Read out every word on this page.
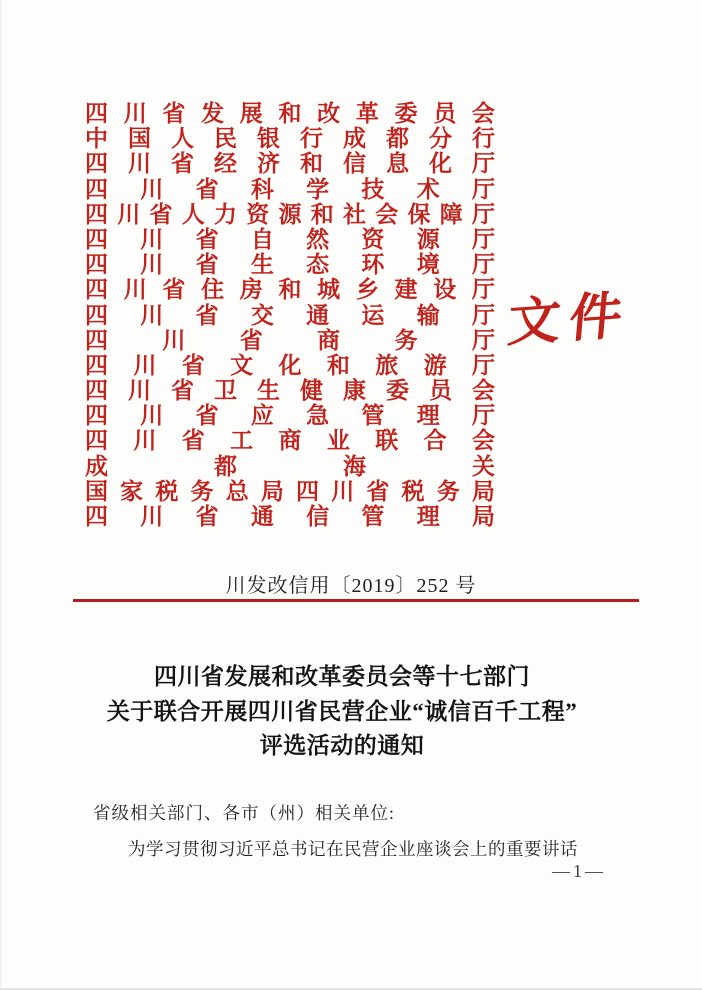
四 川 省 发 展 和 改 革 委 员 会
中 国 人 民 银 行 成 都 分 行
四 川 省 经 济 和 信 息 化 厅
四 川 省 科 学 技 术 厅
四 川 省 人 力 资 源 和 社 会 保 障 厅
四 川 省 自 然 资 源 厅
四 川 省 生 态 环 境 厅
四 川 省 住 房 和 城 乡 建 设 厅
四 川 省 交 通 运 输 厅
四 川 省 商 务 厅
四 川 省 文 化 和 旅 游 厅
四 川 省 卫 生 健 康 委 员 会
四 川 省 应 急 管 理 厅
四 川 省 工 商 业 联 合 会
成	都	海	关
国 家 税 务 总 局 四 川 省 税 务 局
四 川 省 通 信 管 理 局
文件
川发改信用〔2019〕252 号
四川省发展和改革委员会等十七部门
关于联合开展四川省民营企业“诚信百千工程”
评选活动的通知
省级相关部门、各市（州）相关单位:
为学习贯彻习近平总书记在民营企业座谈会上的重要讲话
—1—
